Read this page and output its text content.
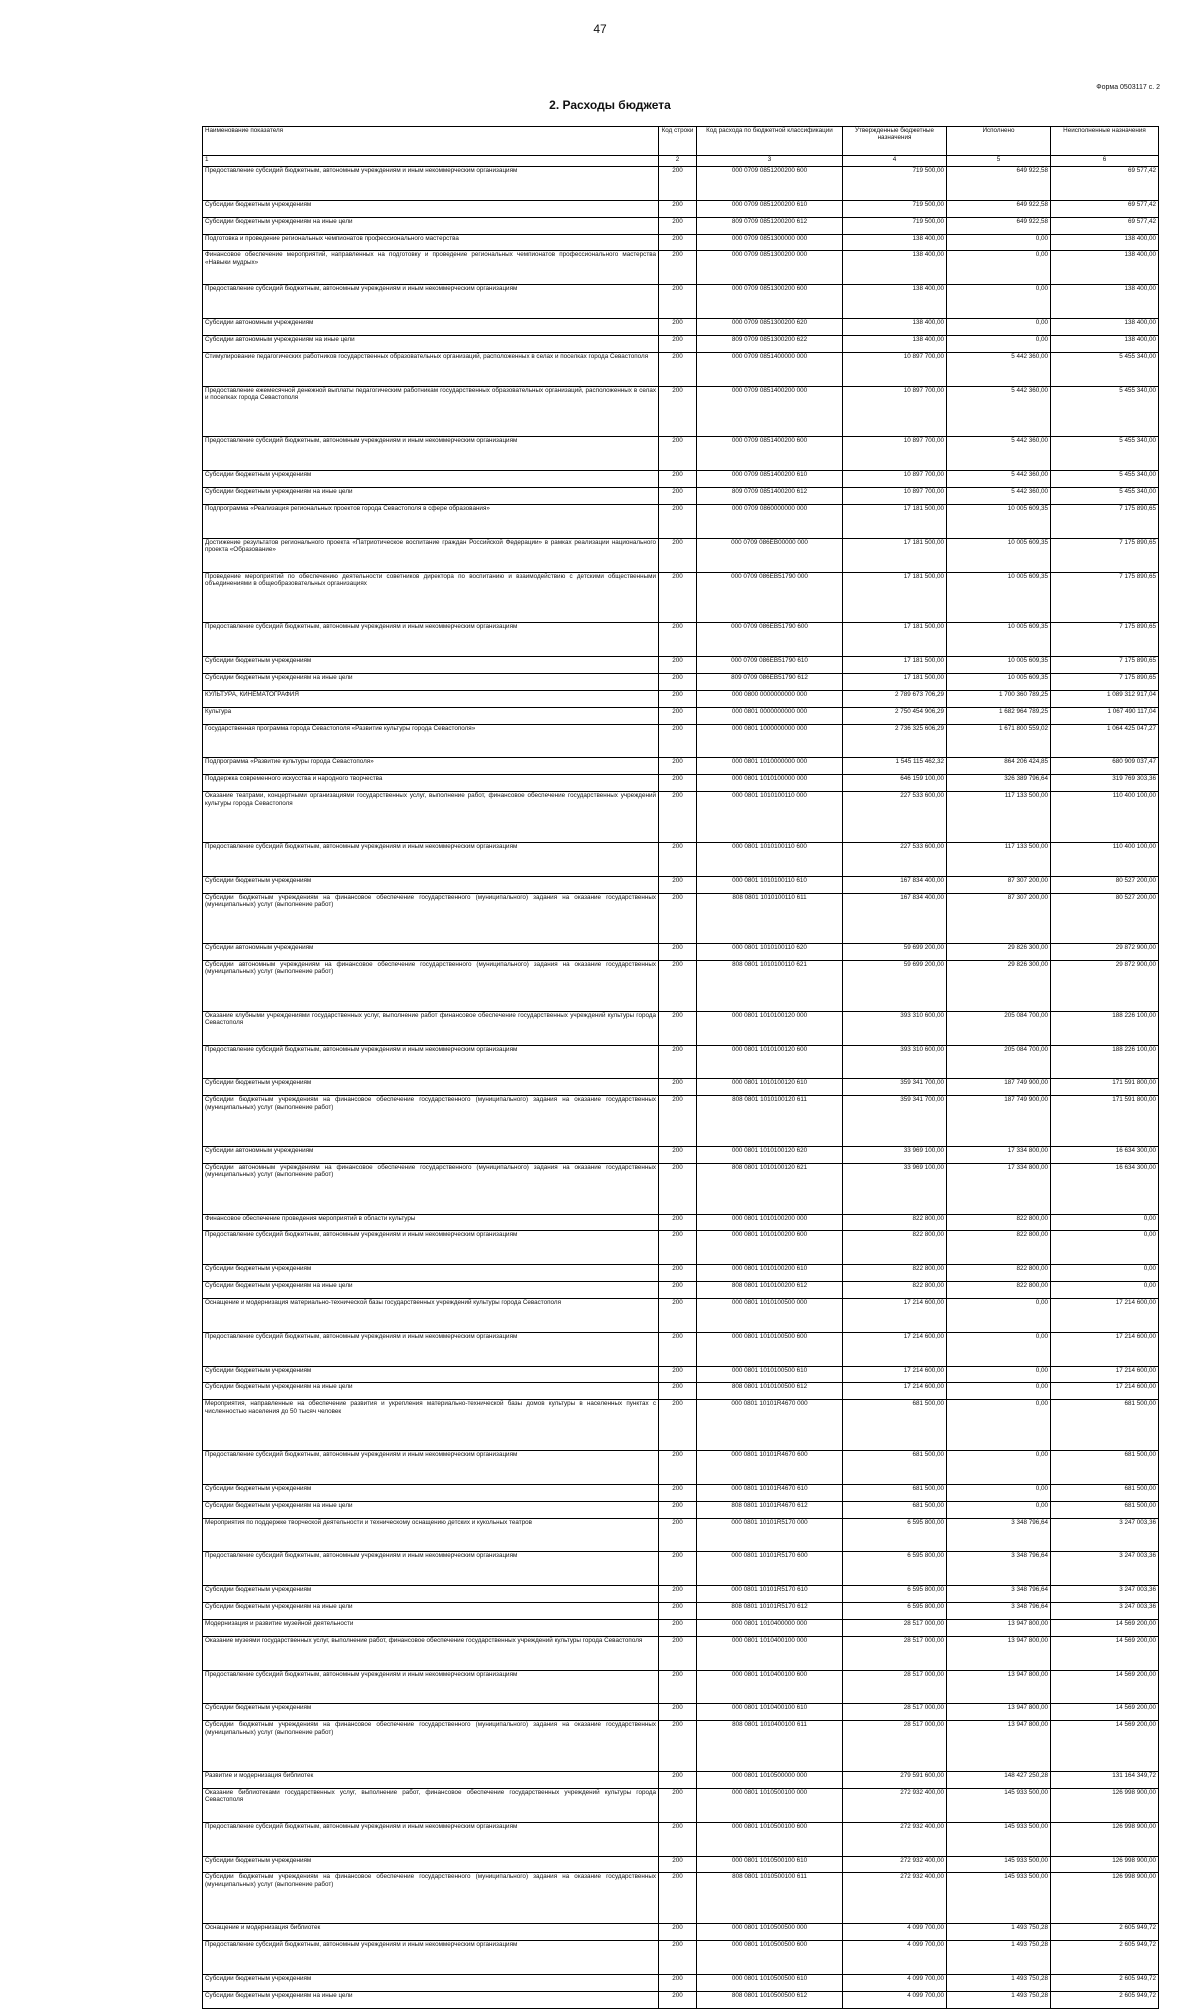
47
Форма 0503117 с. 2
2. Расходы бюджета
Наименование показателя	Код строки	Код расхода по бюджетной классификации	Утвержденные бюджетные назначения	Исполнено	Неисполненные назначения
1	2	3	4	5	6
Предоставление субсидий бюджетным, автономным учреждениям и иным некоммерческим организациям	200	000 0709 0851200200 600	719 500,00	649 922,58	69 577,42
Субсидии бюджетным учреждениям	200	000 0709 0851200200 610	719 500,00	649 922,58	69 577,42
Субсидии бюджетным учреждениям на иные цели	200	809 0709 0851200200 612	719 500,00	649 922,58	69 577,42
Подготовка и проведение региональных чемпионатов профессионального мастерства	200	000 0709 0851300000 000	138 400,00	0,00	138 400,00
Финансовое обеспечение мероприятий, направленных на подготовку и проведение региональных чемпионатов профессионального мастерства «Навыки мудрых»	200	000 0709 0851300200 000	138 400,00	0,00	138 400,00
Предоставление субсидий бюджетным, автономным учреждениям и иным некоммерческим организациям	200	000 0709 0851300200 600	138 400,00	0,00	138 400,00
Субсидии автономным учреждениям	200	000 0709 0851300200 620	138 400,00	0,00	138 400,00
Субсидии автономным учреждениям на иные цели	200	809 0709 0851300200 622	138 400,00	0,00	138 400,00
Стимулирование педагогических работников государственных образовательных организаций, расположенных в селах и поселках города Севастополя	200	000 0709 0851400000 000	10 897 700,00	5 442 360,00	5 455 340,00
Предоставление ежемесячной денежной выплаты педагогическим работникам государственных образовательных организаций, расположенных в селах и поселках города Севастополя	200	000 0709 0851400200 000	10 897 700,00	5 442 360,00	5 455 340,00
Предоставление субсидий бюджетным, автономным учреждениям и иным некоммерческим организациям	200	000 0709 0851400200 600	10 897 700,00	5 442 360,00	5 455 340,00
Субсидии бюджетным учреждениям	200	000 0709 0851400200 610	10 897 700,00	5 442 360,00	5 455 340,00
Субсидии бюджетным учреждениям на иные цели	200	809 0709 0851400200 612	10 897 700,00	5 442 360,00	5 455 340,00
Подпрограмма «Реализация региональных проектов города Севастополя в сфере образования»	200	000 0709 0860000000 000	17 181 500,00	10 005 609,35	7 175 890,65
Достижение результатов регионального проекта «Патриотическое воспитание граждан Российской Федерации» в рамках реализации национального проекта «Образование»	200	000 0709 086EB00000 000	17 181 500,00	10 005 609,35	7 175 890,65
Проведение мероприятий по обеспечению деятельности советников директора по воспитанию и взаимодействию с детскими общественными объединениями в общеобразовательных организациях	200	000 0709 086EB51790 000	17 181 500,00	10 005 609,35	7 175 890,65
Предоставление субсидий бюджетным, автономным учреждениям и иным некоммерческим организациям	200	000 0709 086EB51790 600	17 181 500,00	10 005 609,35	7 175 890,65
Субсидии бюджетным учреждениям	200	000 0709 086EB51790 610	17 181 500,00	10 005 609,35	7 175 890,65
Субсидии бюджетным учреждениям на иные цели	200	809 0709 086EB51790 612	17 181 500,00	10 005 609,35	7 175 890,65
КУЛЬТУРА, КИНЕМАТОГРАФИЯ	200	000 0800 0000000000 000	2 789 673 706,29	1 700 360 789,25	1 089 312 917,04
Культура	200	000 0801 0000000000 000	2 750 454 906,29	1 682 964 789,25	1 067 490 117,04
Государственная программа города Севастополя «Развитие культуры города Севастополя»	200	000 0801 1000000000 000	2 736 325 606,29	1 671 800 559,02	1 064 425 047,27
Подпрограмма «Развитие культуры города Севастополя»	200	000 0801 1010000000 000	1 545 115 462,32	864 206 424,85	680 909 037,47
Поддержка современного искусства и народного творчества	200	000 0801 1010100000 000	646 159 100,00	326 389 796,64	319 769 303,36
Оказание театрами, концертными организациями государственных услуг, выполнение работ, финансовое обеспечение государственных учреждений культуры города Севастополя	200	000 0801 1010100110 000	227 533 600,00	117 133 500,00	110 400 100,00
Предоставление субсидий бюджетным, автономным учреждениям и иным некоммерческим организациям	200	000 0801 1010100110 600	227 533 600,00	117 133 500,00	110 400 100,00
Субсидии бюджетным учреждениям	200	000 0801 1010100110 610	167 834 400,00	87 307 200,00	80 527 200,00
Субсидии бюджетным учреждениям на финансовое обеспечение государственного (муниципального) задания на оказание государственных (муниципальных) услуг (выполнение работ)	200	808 0801 1010100110 611	167 834 400,00	87 307 200,00	80 527 200,00
Субсидии автономным учреждениям	200	000 0801 1010100110 620	59 699 200,00	29 826 300,00	29 872 900,00
Субсидии автономным учреждениям на финансовое обеспечение государственного (муниципального) задания на оказание государственных (муниципальных) услуг (выполнение работ)	200	808 0801 1010100110 621	59 699 200,00	29 826 300,00	29 872 900,00
Оказание клубными учреждениями государственных услуг, выполнение работ финансовое обеспечение государственных учреждений культуры города Севастополя	200	000 0801 1010100120 000	393 310 600,00	205 084 700,00	188 226 100,00
Предоставление субсидий бюджетным, автономным учреждениям и иным некоммерческим организациям	200	000 0801 1010100120 600	393 310 600,00	205 084 700,00	188 226 100,00
Субсидии бюджетным учреждениям	200	000 0801 1010100120 610	359 341 700,00	187 749 900,00	171 591 800,00
Субсидии бюджетным учреждениям на финансовое обеспечение государственного (муниципального) задания на оказание государственных (муниципальных) услуг (выполнение работ)	200	808 0801 1010100120 611	359 341 700,00	187 749 900,00	171 591 800,00
Субсидии автономным учреждениям	200	000 0801 1010100120 620	33 969 100,00	17 334 800,00	16 634 300,00
Субсидии автономным учреждениям на финансовое обеспечение государственного (муниципального) задания на оказание государственных (муниципальных) услуг (выполнение работ)	200	808 0801 1010100120 621	33 969 100,00	17 334 800,00	16 634 300,00
Финансовое обеспечение проведения мероприятий в области культуры	200	000 0801 1010100200 000	822 800,00	822 800,00	0,00
Предоставление субсидий бюджетным, автономным учреждениям и иным некоммерческим организациям	200	000 0801 1010100200 600	822 800,00	822 800,00	0,00
Субсидии бюджетным учреждениям	200	000 0801 1010100200 610	822 800,00	822 800,00	0,00
Субсидии бюджетным учреждениям на иные цели	200	808 0801 1010100200 612	822 800,00	822 800,00	0,00
Оснащение и модернизация материально-технической базы государственных учреждений культуры города Севастополя	200	000 0801 1010100500 000	17 214 600,00	0,00	17 214 600,00
Предоставление субсидий бюджетным, автономным учреждениям и иным некоммерческим организациям	200	000 0801 1010100500 600	17 214 600,00	0,00	17 214 600,00
Субсидии бюджетным учреждениям	200	000 0801 1010100500 610	17 214 600,00	0,00	17 214 600,00
Субсидии бюджетным учреждениям на иные цели	200	808 0801 1010100500 612	17 214 600,00	0,00	17 214 600,00
Мероприятия, направленные на обеспечение развития и укрепления материально-технической базы домов культуры в населенных пунктах с численностью населения до 50 тысяч человек	200	000 0801 10101R4670 000	681 500,00	0,00	681 500,00
Предоставление субсидий бюджетным, автономным учреждениям и иным некоммерческим организациям	200	000 0801 10101R4670 600	681 500,00	0,00	681 500,00
Субсидии бюджетным учреждениям	200	000 0801 10101R4670 610	681 500,00	0,00	681 500,00
Субсидии бюджетным учреждениям на иные цели	200	808 0801 10101R4670 612	681 500,00	0,00	681 500,00
Мероприятия по поддержке творческой деятельности и техническому оснащению детских и кукольных театров	200	000 0801 10101R5170 000	6 595 800,00	3 348 796,64	3 247 003,36
Предоставление субсидий бюджетным, автономным учреждениям и иным некоммерческим организациям	200	000 0801 10101R5170 600	6 595 800,00	3 348 796,64	3 247 003,36
Субсидии бюджетным учреждениям	200	000 0801 10101R5170 610	6 595 800,00	3 348 796,64	3 247 003,36
Субсидии бюджетным учреждениям на иные цели	200	808 0801 10101R5170 612	6 595 800,00	3 348 796,64	3 247 003,36
Модернизация и развитие музейной деятельности	200	000 0801 1010400000 000	28 517 000,00	13 947 800,00	14 569 200,00
Оказание музеями государственных услуг, выполнение работ, финансовое обеспечение государственных учреждений культуры города Севастополя	200	000 0801 1010400100 000	28 517 000,00	13 947 800,00	14 569 200,00
Предоставление субсидий бюджетным, автономным учреждениям и иным некоммерческим организациям	200	000 0801 1010400100 600	28 517 000,00	13 947 800,00	14 569 200,00
Субсидии бюджетным учреждениям	200	000 0801 1010400100 610	28 517 000,00	13 947 800,00	14 569 200,00
Субсидии бюджетным учреждениям на финансовое обеспечение государственного (муниципального) задания на оказание государственных (муниципальных) услуг (выполнение работ)	200	808 0801 1010400100 611	28 517 000,00	13 947 800,00	14 569 200,00
Развитие и модернизация библиотек	200	000 0801 1010500000 000	279 591 600,00	148 427 250,28	131 164 349,72
Оказание библиотеками государственных услуг, выполнение работ, финансовое обеспечение государственных учреждений культуры города Севастополя	200	000 0801 1010500100 000	272 932 400,00	145 933 500,00	126 998 900,00
Предоставление субсидий бюджетным, автономным учреждениям и иным некоммерческим организациям	200	000 0801 1010500100 600	272 932 400,00	145 933 500,00	126 998 900,00
Субсидии бюджетным учреждениям	200	000 0801 1010500100 610	272 932 400,00	145 933 500,00	126 998 900,00
Субсидии бюджетным учреждениям на финансовое обеспечение государственного (муниципального) задания на оказание государственных (муниципальных) услуг (выполнение работ)	200	808 0801 1010500100 611	272 932 400,00	145 933 500,00	126 998 900,00
Оснащение и модернизация библиотек	200	000 0801 1010500500 000	4 099 700,00	1 493 750,28	2 605 949,72
Предоставление субсидий бюджетным, автономным учреждениям и иным некоммерческим организациям	200	000 0801 1010500500 600	4 099 700,00	1 493 750,28	2 605 949,72
Субсидии бюджетным учреждениям	200	000 0801 1010500500 610	4 099 700,00	1 493 750,28	2 605 949,72
Субсидии бюджетным учреждениям на иные цели	200	808 0801 1010500500 612	4 099 700,00	1 493 750,28	2 605 949,72
